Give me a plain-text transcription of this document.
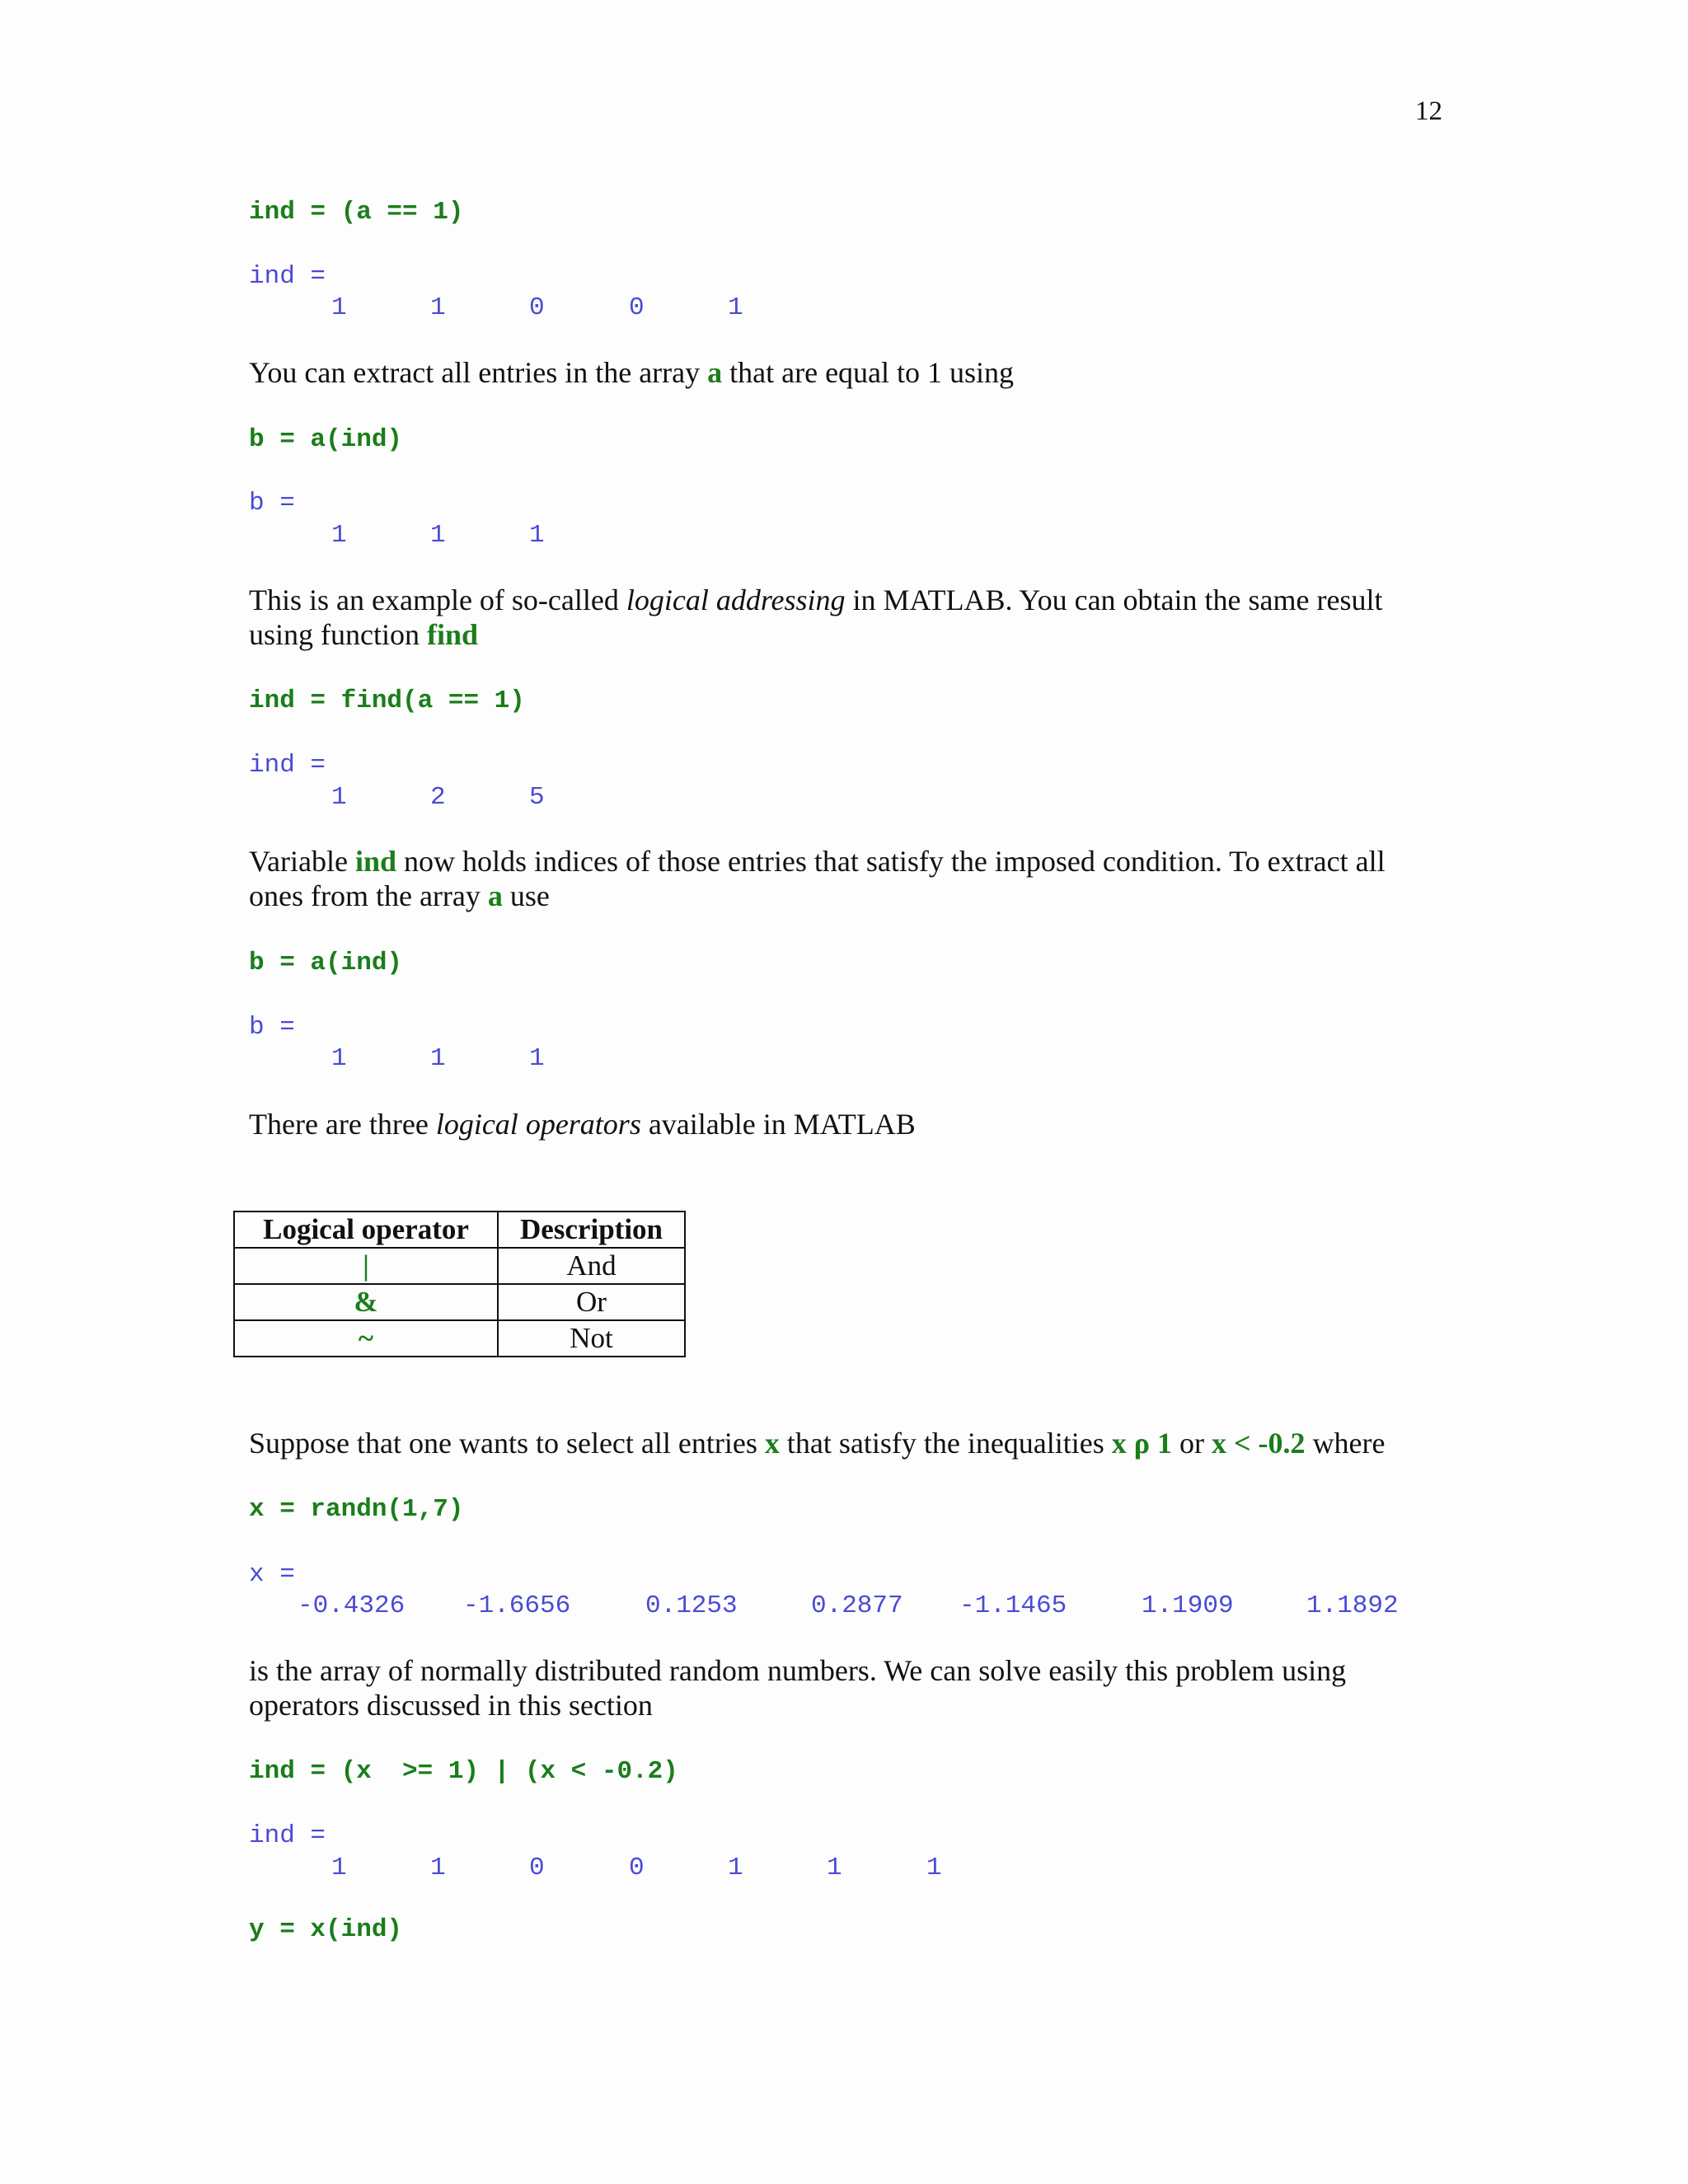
12
ind = (a == 1)
ind =
1	1	0	0	1
You can extract all entries in the array a that are equal to 1 using
b = a(ind)
b =
1	1	1
This is an example of so-called logical addressing in MATLAB. You can obtain the same result using function find
ind = find(a == 1)
ind =
1	2	5
Variable ind now holds indices of those entries that satisfy the imposed condition. To extract all ones from the array a use
b = a(ind)
b =
1	1	1
There are three logical operators available in MATLAB
Logical operator	Description
|	And
&	Or
~	Not
Suppose that one wants to select all entries x that satisfy the inequalities x ρ 1 or x < -0.2 where
x = randn(1,7)
x =
-0.4326 -1.6656	0.1253	0.2877 -1.1465	1.1909	1.1892
is the array of normally distributed random numbers. We can solve easily this problem using operators discussed in this section
ind = (x  >= 1) | (x < -0.2)
ind =
1	1	0	0	1	1	1
y = x(ind)
